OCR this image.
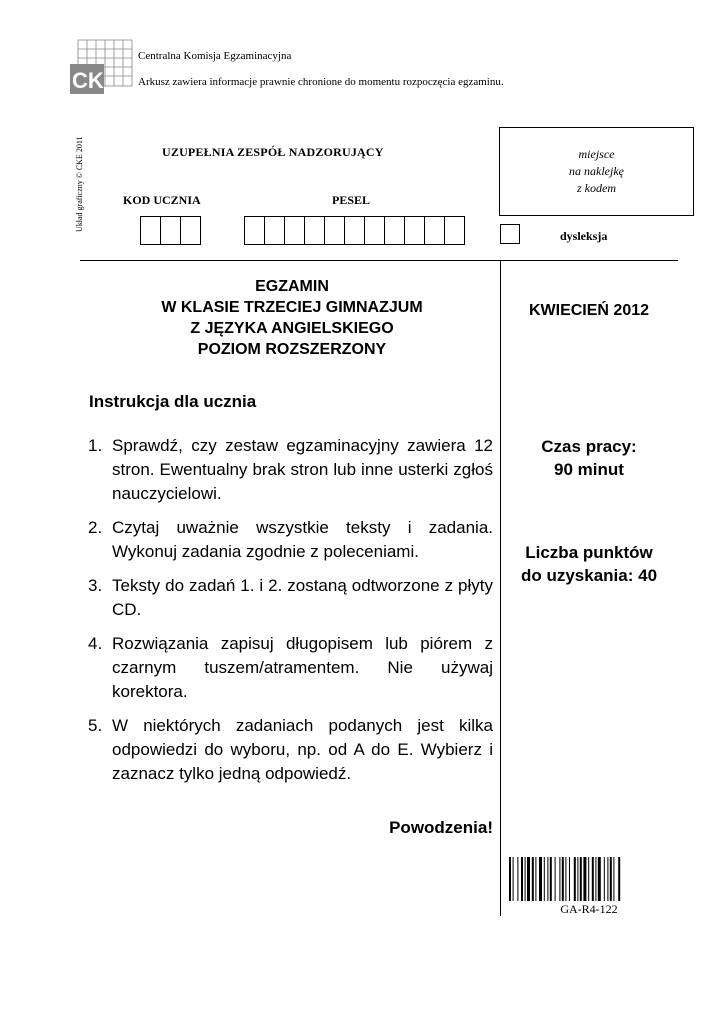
CK
Centralna Komisja Egzaminacyjna
Arkusz zawiera informacje prawnie chronione do momentu rozpoczęcia egzaminu.
Układ graficzny © CKE 2011	UZUPEŁNIA ZESPÓŁ NADZORUJĄCY
KOD UCZNIA	PESEL
miejsce
na naklejkę
z kodem
dysleksja
EGZAMIN
W KLASIE TRZECIEJ GIMNAZJUM
Z JĘZYKA ANGIELSKIEGO
POZIOM ROZSZERZONY
KWIECIEŃ 2012
Instrukcja dla ucznia
1. Sprawdź, czy zestaw egzaminacyjny zawiera 12 stron. Ewentualny brak stron lub inne usterki zgłoś nauczycielowi.
2. Czytaj uważnie wszystkie teksty i zadania. Wykonuj zadania zgodnie z poleceniami.
3. Teksty do zadań 1. i 2. zostaną odtworzone z płyty CD.
4. Rozwiązania zapisuj długopisem lub piórem z czarnym tuszem/atramentem. Nie używaj korektora.
5. W niektórych zadaniach podanych jest kilka odpowiedzi do wyboru, np. od A do E. Wybierz i zaznacz tylko jedną odpowiedź.
Czas pracy:
90 minut
Liczba punktów
do uzyskania: 40
Powodzenia!
GA-R4-122
